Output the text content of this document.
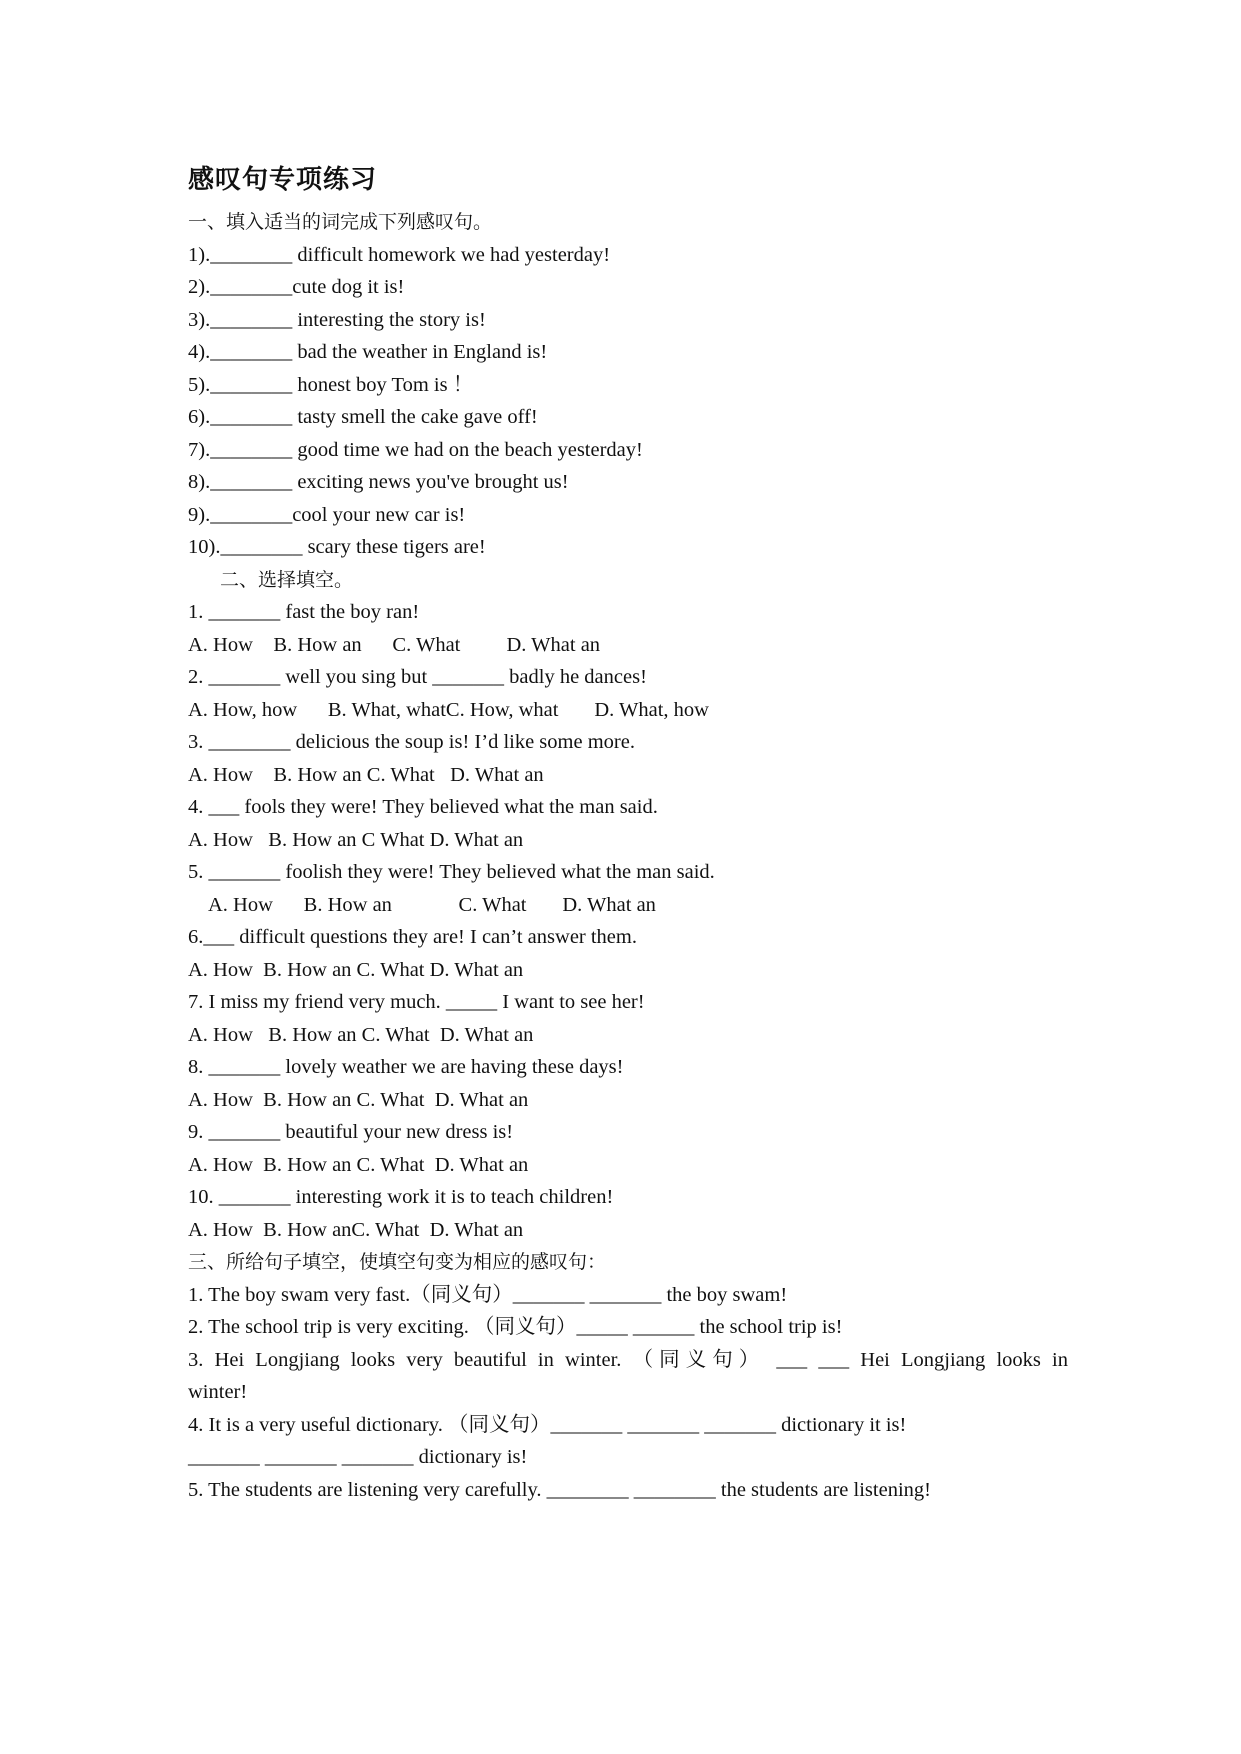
感叹句专项练习
一、填入适当的词完成下列感叹句。
1).________ difficult homework we had yesterday!
2).________cute dog it is!
3).________ interesting the story is!
4).________ bad the weather in England is!
5).________ honest boy Tom is ！
6).________ tasty smell the cake gave off!
7).________ good time we had on the beach yesterday!
8).________ exciting news you've brought us!
9).________cool your new car is!
10).________ scary these tigers are!
二、选择填空。
1. _______ fast the boy ran!
A. How    B. How an      C. What         D. What an
2. _______ well you sing but _______ badly he dances!
A. How, how      B. What, whatC. How, what       D. What, how
3. ________ delicious the soup is! I’d like some more.
A. How    B. How an C. What   D. What an
4. ___ fools they were! They believed what the man said.
A. How   B. How an C What D. What an
5. _______ foolish they were! They believed what the man said.
A. How      B. How an             C. What       D. What an
6.___ difficult questions they are! I can’t answer them.
A. How  B. How an C. What D. What an
7. I miss my friend very much. _____ I want to see her!
A. How   B. How an C. What  D. What an
8. _______ lovely weather we are having these days!
A. How  B. How an C. What  D. What an
9. _______ beautiful your new dress is!
A. How  B. How an C. What  D. What an
10. _______ interesting work it is to teach children!
A. How  B. How anC. What  D. What an
三、所给句子填空，使填空句变为相应的感叹句：
1. The boy swam very fast.（同义句）_______ _______ the boy swam!
2. The school trip is very exciting. （同义句）_____ ______ the school trip is!
3. Hei Longjiang looks very beautiful in winter. （同义句） ___ ___ Hei Longjiang looks in
winter!
4. It is a very useful dictionary. （同义句）_______ _______ _______ dictionary it is!
_______ _______ _______ dictionary is!
5. The students are listening very carefully. ________ ________ the students are listening!
